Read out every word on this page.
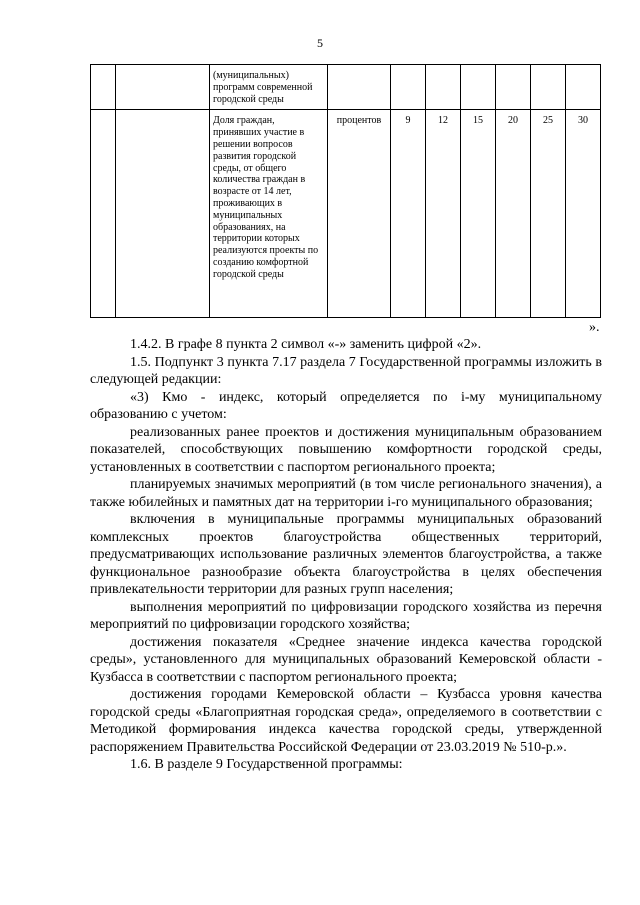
5
		(муниципальных) программ современной городской среды							
		Доля граждан, принявших участие в решении вопросов развития городской среды, от общего количества граждан в возрасте от 14 лет, проживающих в муниципальных образованиях, на территории которых реализуются проекты по созданию комфортной городской среды	процентов	9	12	15	20	25	30
».

1.4.2. В графе 8 пункта 2 символ «-» заменить цифрой «2».

1.5. Подпункт 3 пункта 7.17 раздела 7 Государственной программы изложить в следующей редакции:

«3) Кмо - индекс, который определяется по i-му муниципальному образованию с учетом:

реализованных ранее проектов и достижения муниципальным образованием показателей, способствующих повышению комфортности городской среды, установленных в соответствии с паспортом регионального проекта;

планируемых значимых мероприятий (в том числе регионального значения), а также юбилейных и памятных дат на территории i-го муниципального образования;

включения в муниципальные программы муниципальных образований комплексных проектов благоустройства общественных территорий, предусматривающих использование различных элементов благоустройства, а также функциональное разнообразие объекта благоустройства в целях обеспечения привлекательности территории для разных групп населения;

выполнения мероприятий по цифровизации городского хозяйства из перечня мероприятий по цифровизации городского хозяйства;

достижения показателя «Среднее значение индекса качества городской среды», установленного для муниципальных образований Кемеровской области - Кузбасса в соответствии с паспортом регионального проекта;

достижения городами Кемеровской области – Кузбасса уровня качества городской среды «Благоприятная городская среда», определяемого в соответствии с Методикой формирования индекса качества городской среды, утвержденной распоряжением Правительства Российской Федерации от 23.03.2019 № 510-р.».

1.6. В разделе 9 Государственной программы:
